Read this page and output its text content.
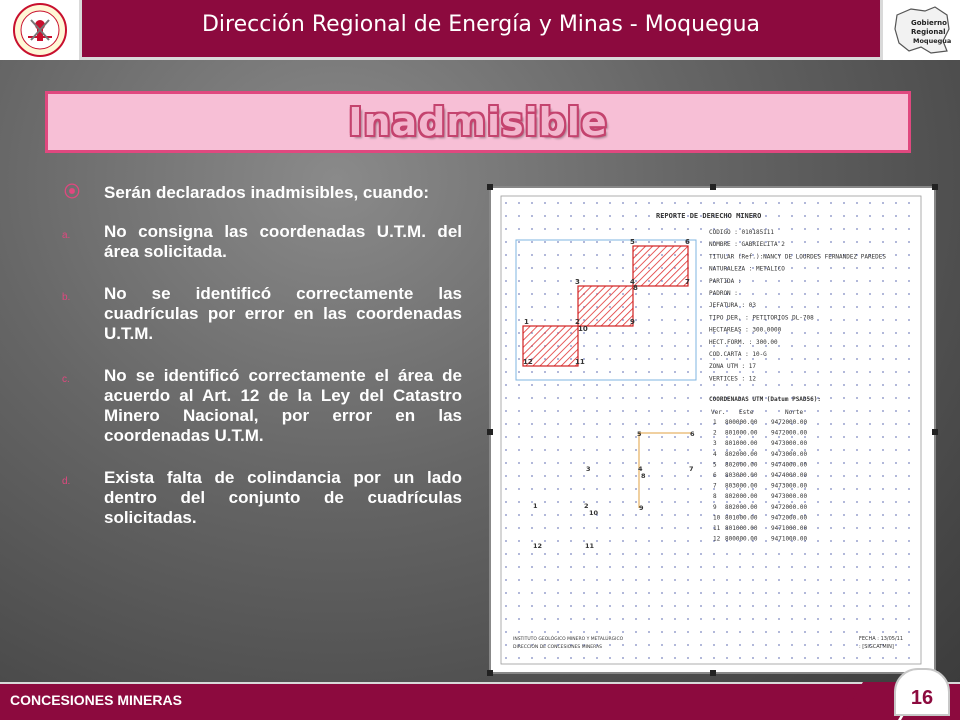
Dirección Regional de Energía y Minas - Moquegua	Gobierno
Regional
Moquegua
Inadmisible
⦿	Serán declarados inadmisibles, cuando:
a.	No consigna las coordenadas U.T.M. del área solicitada.
b.	No se identificó correctamente las cuadrículas por error en las coordenadas U.T.M.
c.	No se identificó correctamente el área de acuerdo al Art. 12 de la Ley del Catastro Minero Nacional, por error en las coordenadas U.T.M.
d.	Exista falta de colindancia por un lado dentro del conjunto de cuadrículas solicitadas.
REPORTE DE DERECHO MINERO
CODIGO : 010185111
NOMBRE : GABRIELITA 2
TITULAR (Ref.):NANCY DE LOURDES FERNANDEZ PAREDES
NATURALEZA : METALICO
PARTIDA :
PADRON :
JEFATURA : 03
TIPO DER. : PETITORIOS DL-708
HECTAREAS : 300.0000
HECT.FORM. : 300.00
COD.CARTA : 10-G
ZONA UTM : 17
VERTICES : 12
COORDENADAS UTM (Datum PSAD56):
Ver. Este	Norte
1 800000.00 9472000.00
2 801000.00 9472000.00
3 801000.00 9473000.00
4 802000.00 9473000.00
5 802000.00 9474000.00
6 803000.00 9474000.00
7 803000.00 9473000.00
8 802000.00 9473000.00
9 802000.00 9472000.00
10 801000.00 9472000.00
11 801000.00 9471000.00
12 800000.00 9471000.00
1	2
3	4
5	6
7
8
9
10
11
12
5	6
3	4	7
8
1	2
10
9
12	11
INSTITUTO GEOLÓGICO MINERO Y METALÚRGICO
DIRECCIÓN DE CONCESIONES MINERAS
FECHA : 13/05/11
: [SIGCATMIN]
CONCESIONES MINERAS	16
